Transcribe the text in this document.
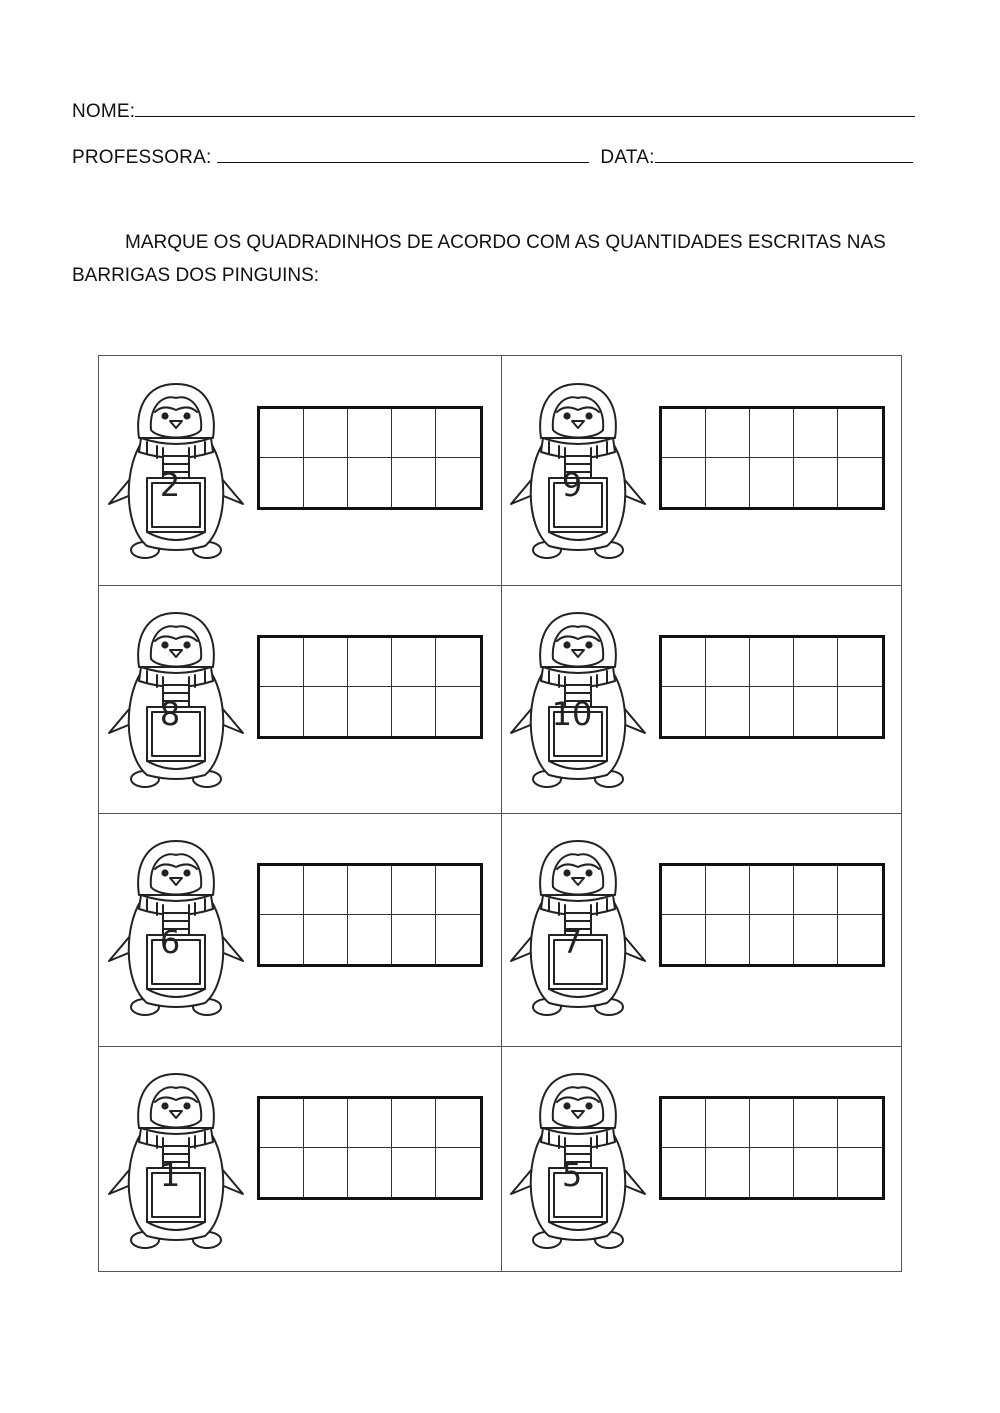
NOME:
PROFESSORA:	DATA:
MARQUE OS QUADRADINHOS DE ACORDO COM AS QUANTIDADES ESCRITAS NAS
BARRIGAS DOS PINGUINS:
2	9
8	10
6	7
1	5
